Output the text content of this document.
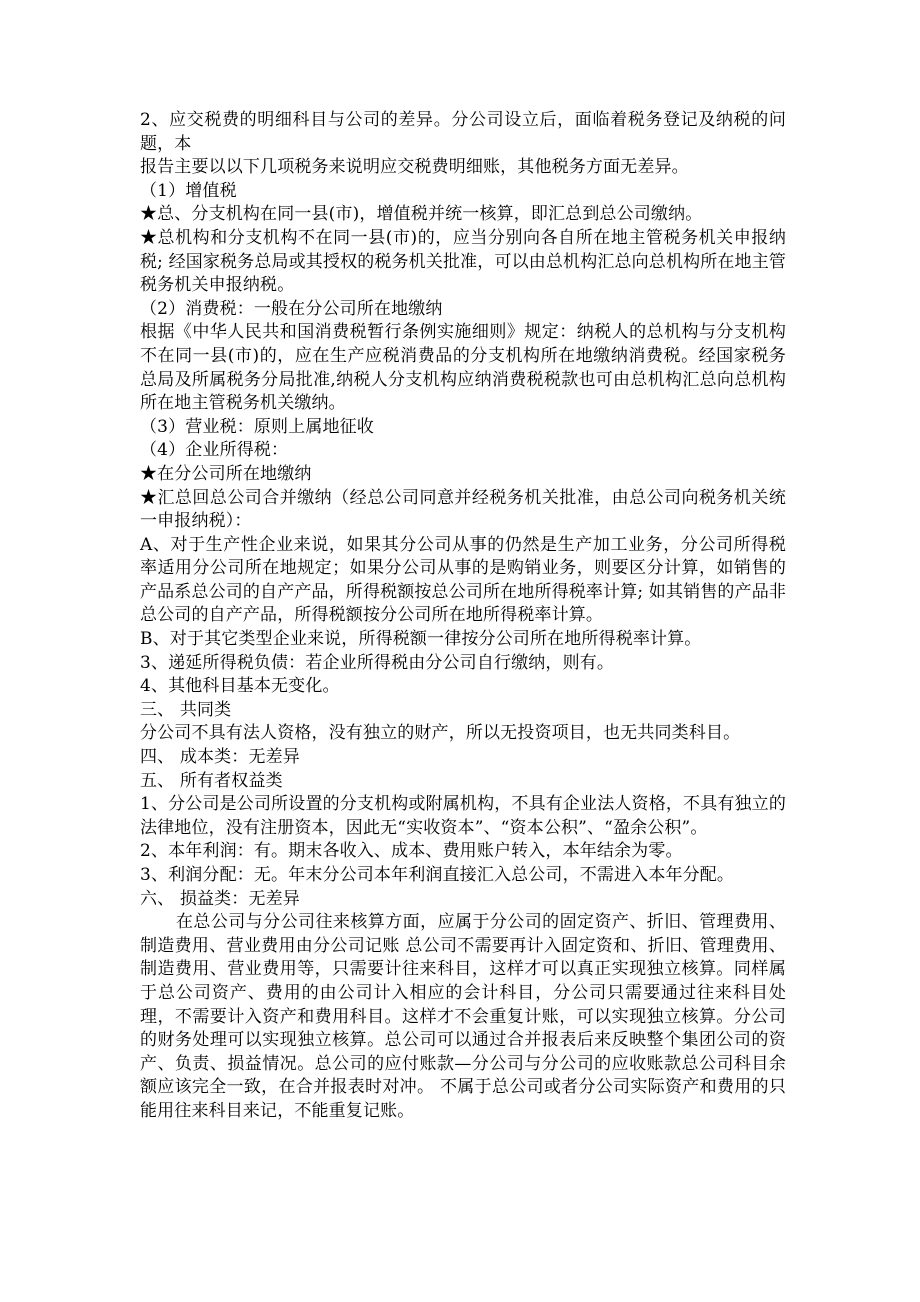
2、应交税费的明细科目与公司的差异。分公司设立后，面临着税务登记及纳税的问题，本

报告主要以以下几项税务来说明应交税费明细账，其他税务方面无差异。

（1）增值税

★总、分支机构在同一县(市)，增值税并统一核算，即汇总到总公司缴纳。

★总机构和分支机构不在同一县(市)的，应当分别向各自所在地主管税务机关申报纳税; 经国家税务总局或其授权的税务机关批准，可以由总机构汇总向总机构所在地主管税务机关申报纳税。

（2）消费税：一般在分公司所在地缴纳

根据《中华人民共和国消费税暂行条例实施细则》规定：纳税人的总机构与分支机构不在同一县(市)的，应在生产应税消费品的分支机构所在地缴纳消费税。经国家税务总局及所属税务分局批准,纳税人分支机构应纳消费税税款也可由总机构汇总向总机构所在地主管税务机关缴纳。

（3）营业税：原则上属地征收

（4）企业所得税：

★在分公司所在地缴纳

★汇总回总公司合并缴纳（经总公司同意并经税务机关批准，由总公司向税务机关统一申报纳税）：

A、对于生产性企业来说，如果其分公司从事的仍然是生产加工业务，分公司所得税率适用分公司所在地规定；如果分公司从事的是购销业务，则要区分计算，如销售的产品系总公司的自产产品，所得税额按总公司所在地所得税率计算; 如其销售的产品非总公司的自产产品，所得税额按分公司所在地所得税率计算。

B、对于其它类型企业来说，所得税额一律按分公司所在地所得税率计算。

3、递延所得税负债：若企业所得税由分公司自行缴纳，则有。

4、其他科目基本无变化。

三、 共同类

分公司不具有法人资格，没有独立的财产，所以无投资项目，也无共同类科目。

四、 成本类：无差异

五、 所有者权益类

1、分公司是公司所设置的分支机构或附属机构，不具有企业法人资格，不具有独立的法律地位，没有注册资本，因此无“实收资本”、“资本公积”、“盈余公积”。

2、本年利润：有。期末各收入、成本、费用账户转入，本年结余为零。

3、利润分配：无。年末分公司本年利润直接汇入总公司，不需进入本年分配。

六、 损益类：无差异

在总公司与分公司往来核算方面，应属于分公司的固定资产、折旧、管理费用、制造费用、营业费用由分公司记账 总公司不需要再计入固定资和、折旧、管理费用、制造费用、营业费用等，只需要计往来科目，这样才可以真正实现独立核算。同样属于总公司资产、费用的由公司计入相应的会计科目，分公司只需要通过往来科目处理，不需要计入资产和费用科目。这样才不会重复计账，可以实现独立核算。分公司的财务处理可以实现独立核算。总公司可以通过合并报表后来反映整个集团公司的资产、负责、损益情况。总公司的应付账款—分公司与分公司的应收账款总公司科目余额应该完全一致，在合并报表时对冲。 不属于总公司或者分公司实际资产和费用的只能用往来科目来记，不能重复记账。
